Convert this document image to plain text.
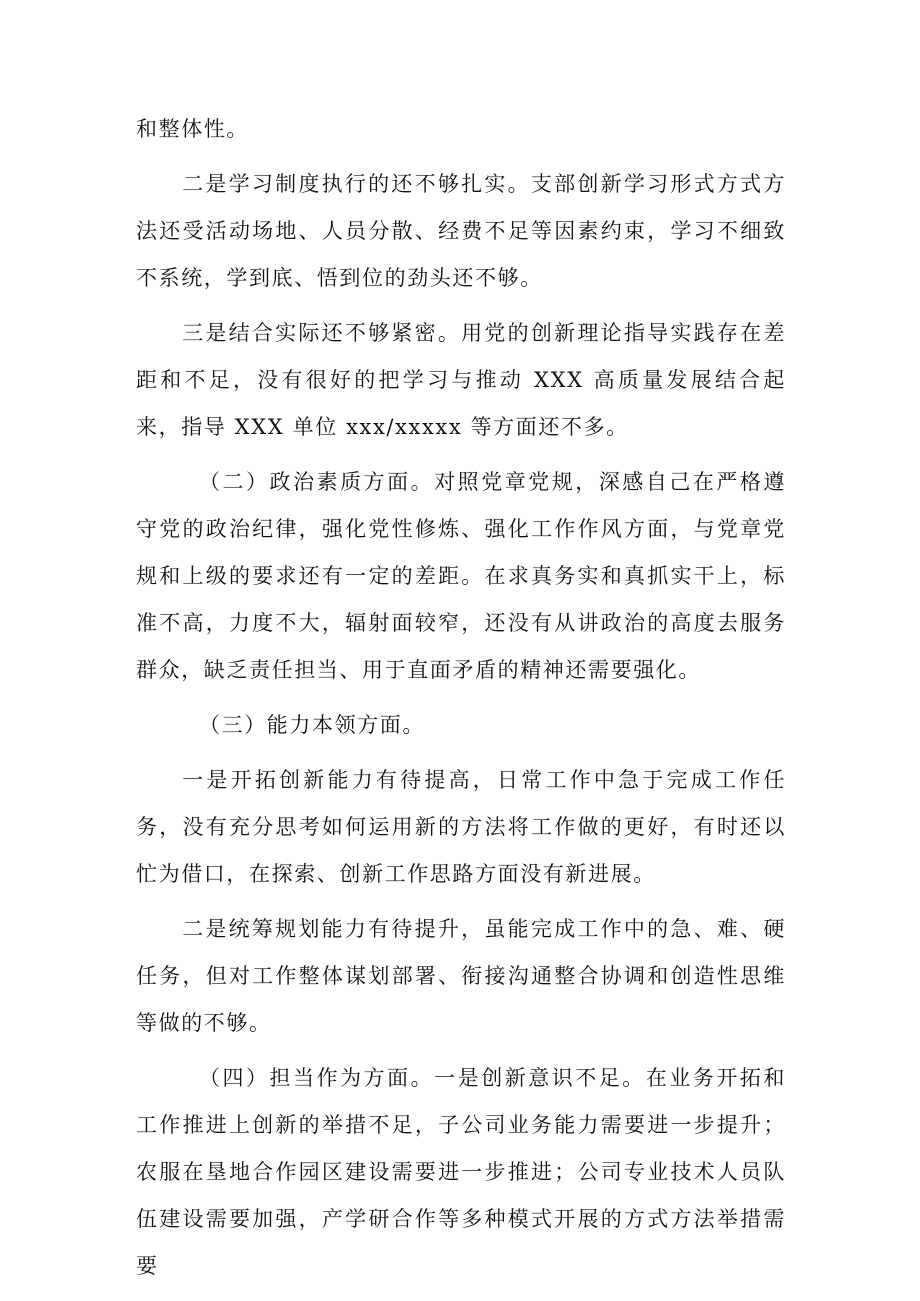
和整体性。

二是学习制度执行的还不够扎实。支部创新学习形式方式方法还受活动场地、人员分散、经费不足等因素约束，学习不细致不系统，学到底、悟到位的劲头还不够。

三是结合实际还不够紧密。用党的创新理论指导实践存在差距和不足，没有很好的把学习与推动 XXX 高质量发展结合起来，指导 XXX 单位 xxx/xxxxx 等方面还不多。

（二）政治素质方面。对照党章党规，深感自己在严格遵守党的政治纪律，强化党性修炼、强化工作作风方面，与党章党规和上级的要求还有一定的差距。在求真务实和真抓实干上，标准不高，力度不大，辐射面较窄，还没有从讲政治的高度去服务群众，缺乏责任担当、用于直面矛盾的精神还需要强化。

（三）能力本领方面。

一是开拓创新能力有待提高，日常工作中急于完成工作任务，没有充分思考如何运用新的方法将工作做的更好，有时还以忙为借口，在探索、创新工作思路方面没有新进展。

二是统筹规划能力有待提升，虽能完成工作中的急、难、硬任务，但对工作整体谋划部署、衔接沟通整合协调和创造性思维等做的不够。

（四）担当作为方面。一是创新意识不足。在业务开拓和工作推进上创新的举措不足，子公司业务能力需要进一步提升；农服在垦地合作园区建设需要进一步推进；公司专业技术人员队伍建设需要加强，产学研合作等多种模式开展的方式方法举措需要
